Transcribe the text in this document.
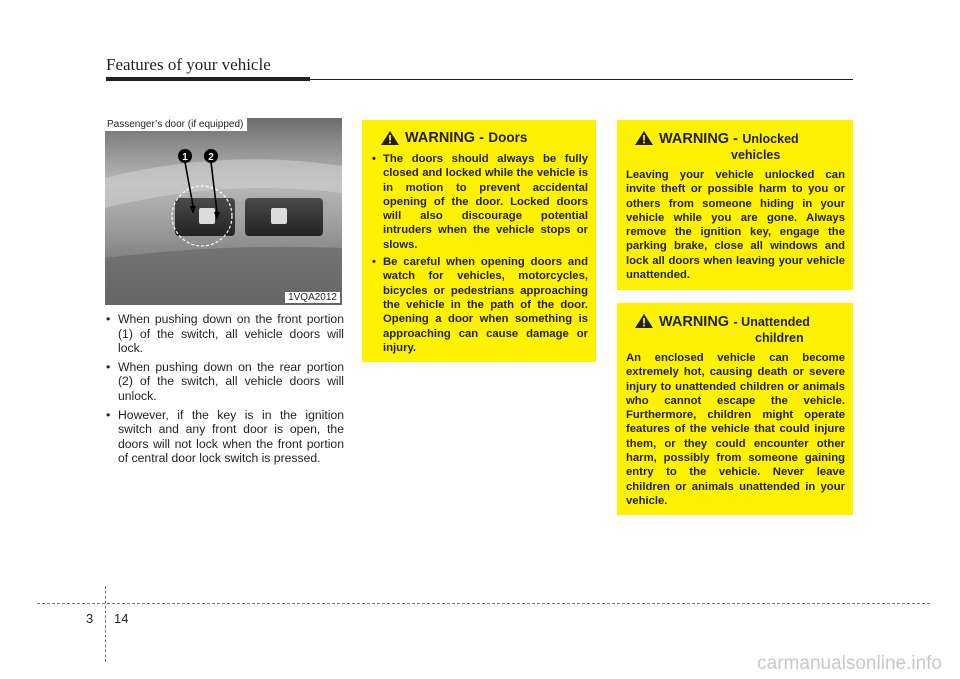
Features of your vehicle
1 2
Passenger’s door (if equipped)
1VQA2012
• When pushing down on the front portion (1) of the switch, all vehicle doors will lock.
• When pushing down on the rear portion (2) of the switch, all vehicle doors will unlock.
• However, if the key is in the ignition switch and any front door is open, the doors will not lock when the front portion of central door lock switch is pressed.
WARNING -
Doors
• The doors should always be fully closed and locked while the vehicle is in motion to prevent accidental opening of the door. Locked doors will also discourage potential intruders when the vehicle stops or slows.
• Be careful when opening doors and watch for vehicles, motorcycles, bicycles or pedestrians approaching the vehicle in the path of the door. Opening a door when something is approaching can cause damage or injury.
WARNING - Unlocked
vehicles
Leaving your vehicle unlocked can invite theft or possible harm to you or others from someone hiding in your vehicle while you are gone. Always remove the ignition key, engage the parking brake, close all windows and lock all doors when leaving your vehicle unattended.
WARNING - Unattended
children
An enclosed vehicle can become extremely hot, causing death or severe injury to unattended children or animals who cannot escape the vehicle. Furthermore, children might operate features of the vehicle that could injure them, or they could encounter other harm, possibly from someone gaining entry to the vehicle. Never leave children or animals unattended in your vehicle.
3 14
carmanualsonline.info
